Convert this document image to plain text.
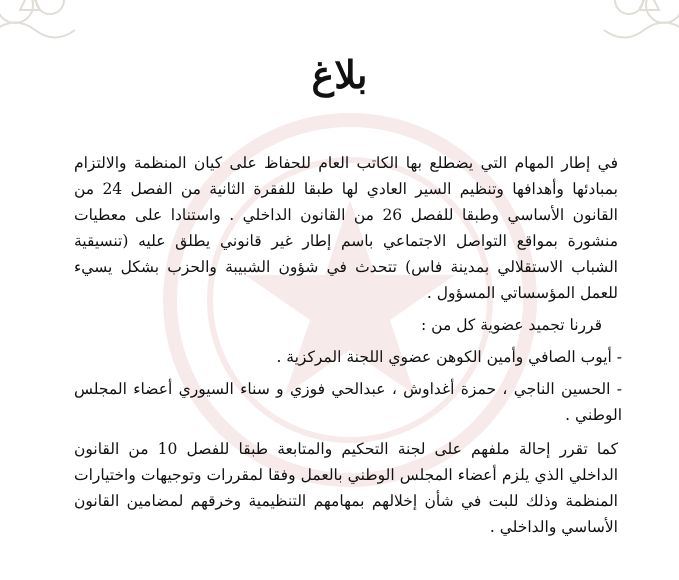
بلاغ

في إطار المهام التي يضطلع بها الكاتب العام للحفاظ على كيان المنظمة والالتزام بمبادئها وأهدافها وتنظيم السير العادي لها طبقا للفقرة الثانية من الفصل 24 من القانون الأساسي وطبقا للفصل 26 من القانون الداخلي . واستنادا على معطيات منشورة بمواقع التواصل الاجتماعي باسم إطار غير قانوني يطلق عليه (تنسيقية الشباب الاستقلالي بمدينة فاس) تتحدث في شؤون الشبيبة والحزب بشكل يسيء للعمل المؤسساتي المسؤول .

قررنا تجميد عضوية كل من :

- أيوب الصافي وأمين الكوهن عضوي اللجنة المركزية .

- الحسين الناجي ، حمزة أغداوش ، عبدالحي فوزي و سناء السيوري أعضاء المجلس الوطني .

كما تقرر إحالة ملفهم على لجنة التحكيم والمتابعة طبقا للفصل 10 من القانون الداخلي الذي يلزم أعضاء المجلس الوطني بالعمل وفقا لمقررات وتوجيهات واختيارات المنظمة وذلك للبت في شأن إخلالهم بمهامهم التنظيمية وخرقهم لمضامين القانون الأساسي والداخلي .
